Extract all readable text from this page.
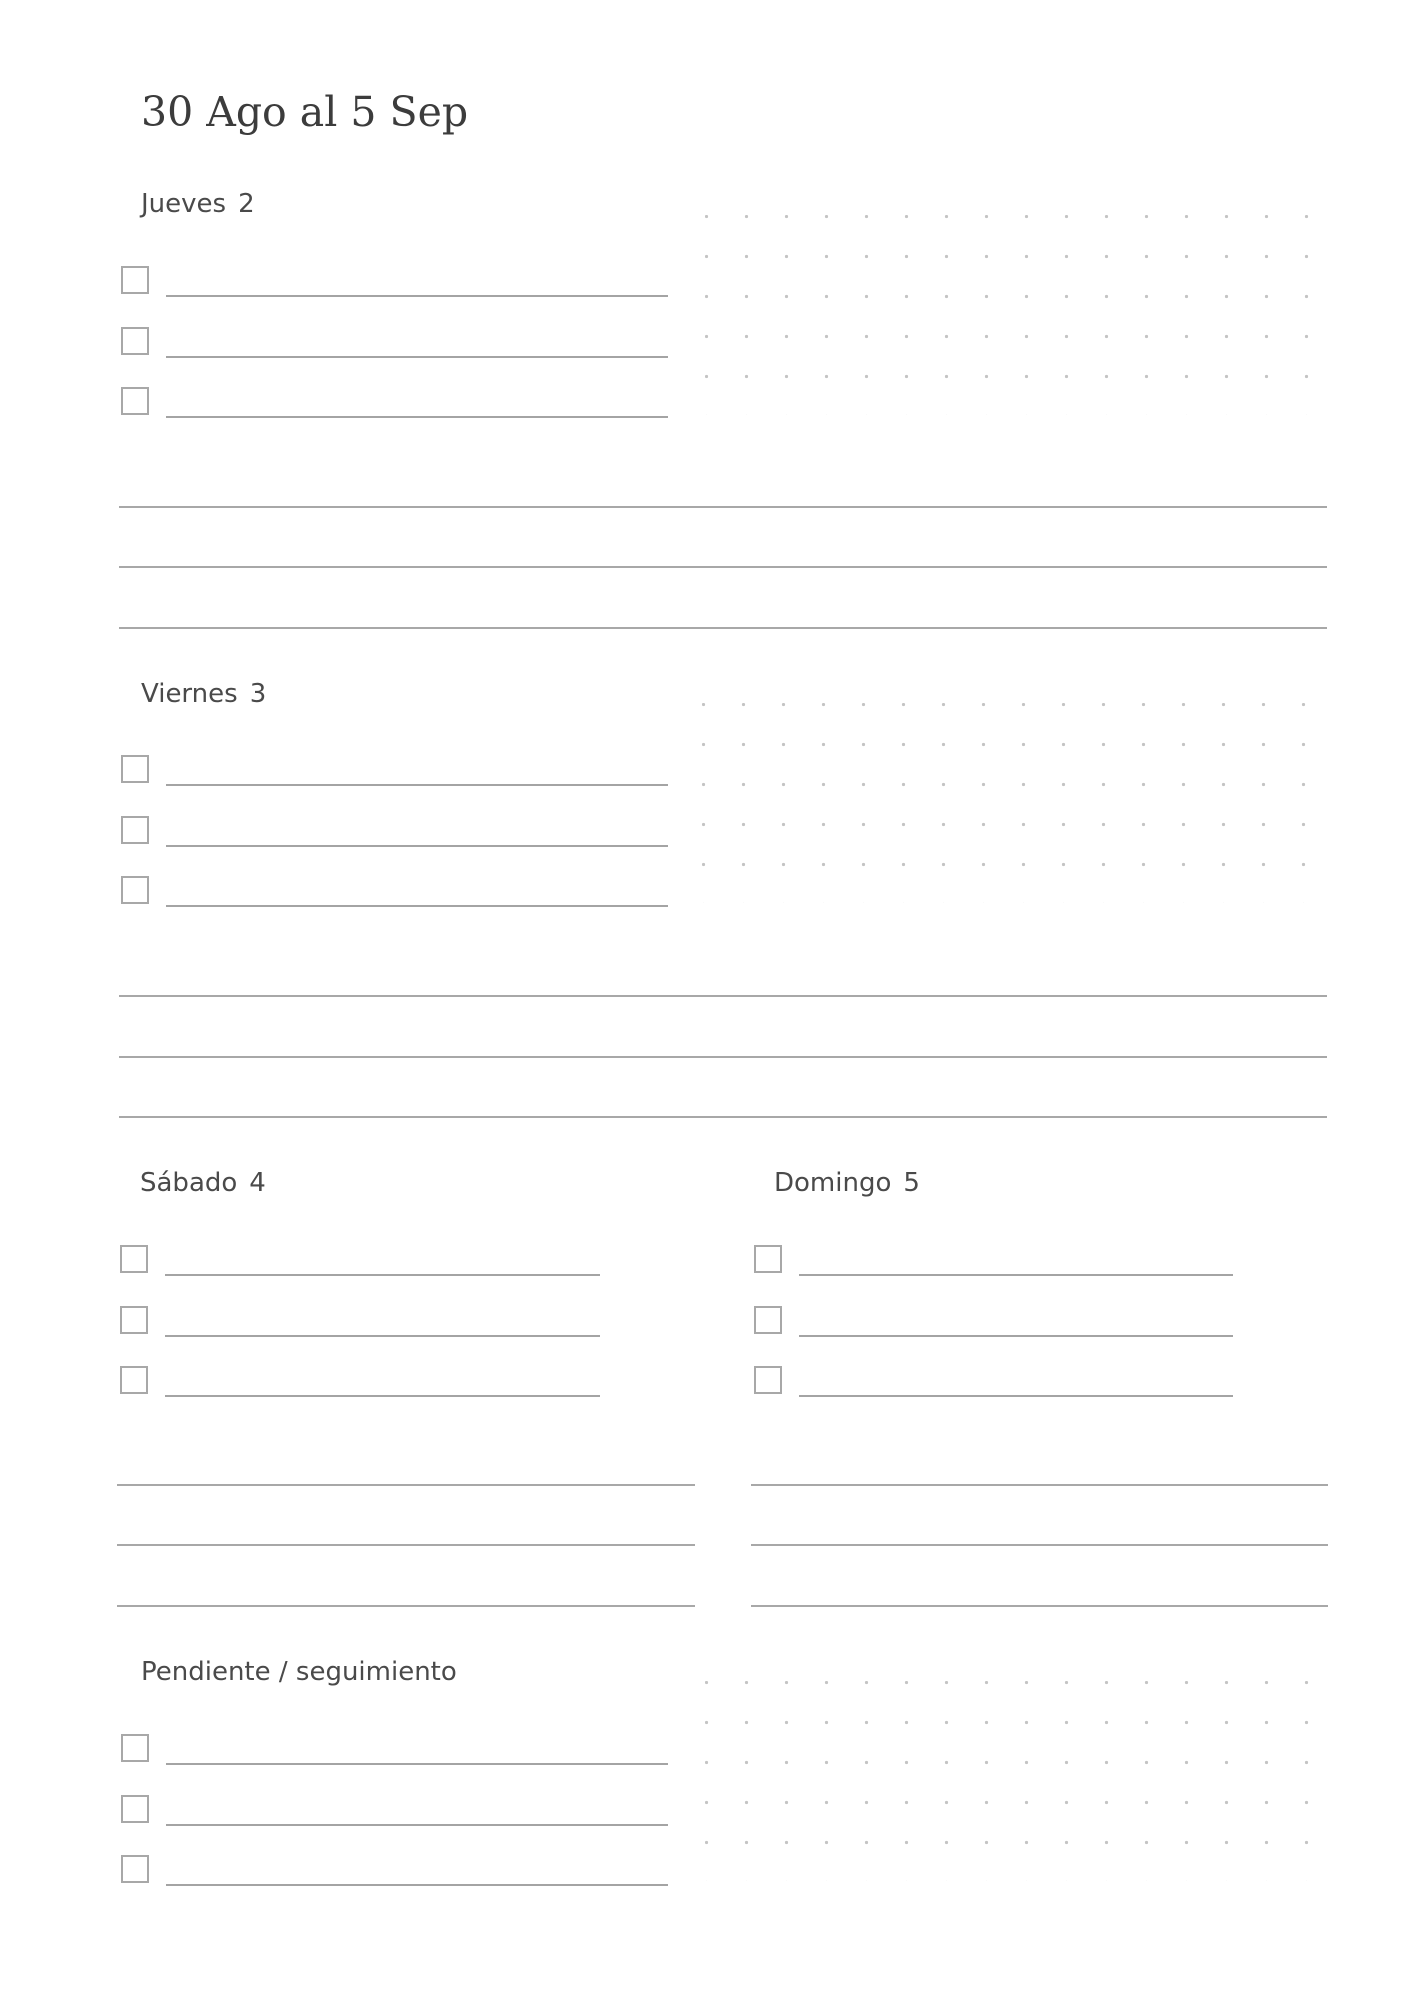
30 Ago al 5 Sep
Jueves 2
Viernes 3
Sábado 4	Domingo 5
Pendiente / seguimiento
